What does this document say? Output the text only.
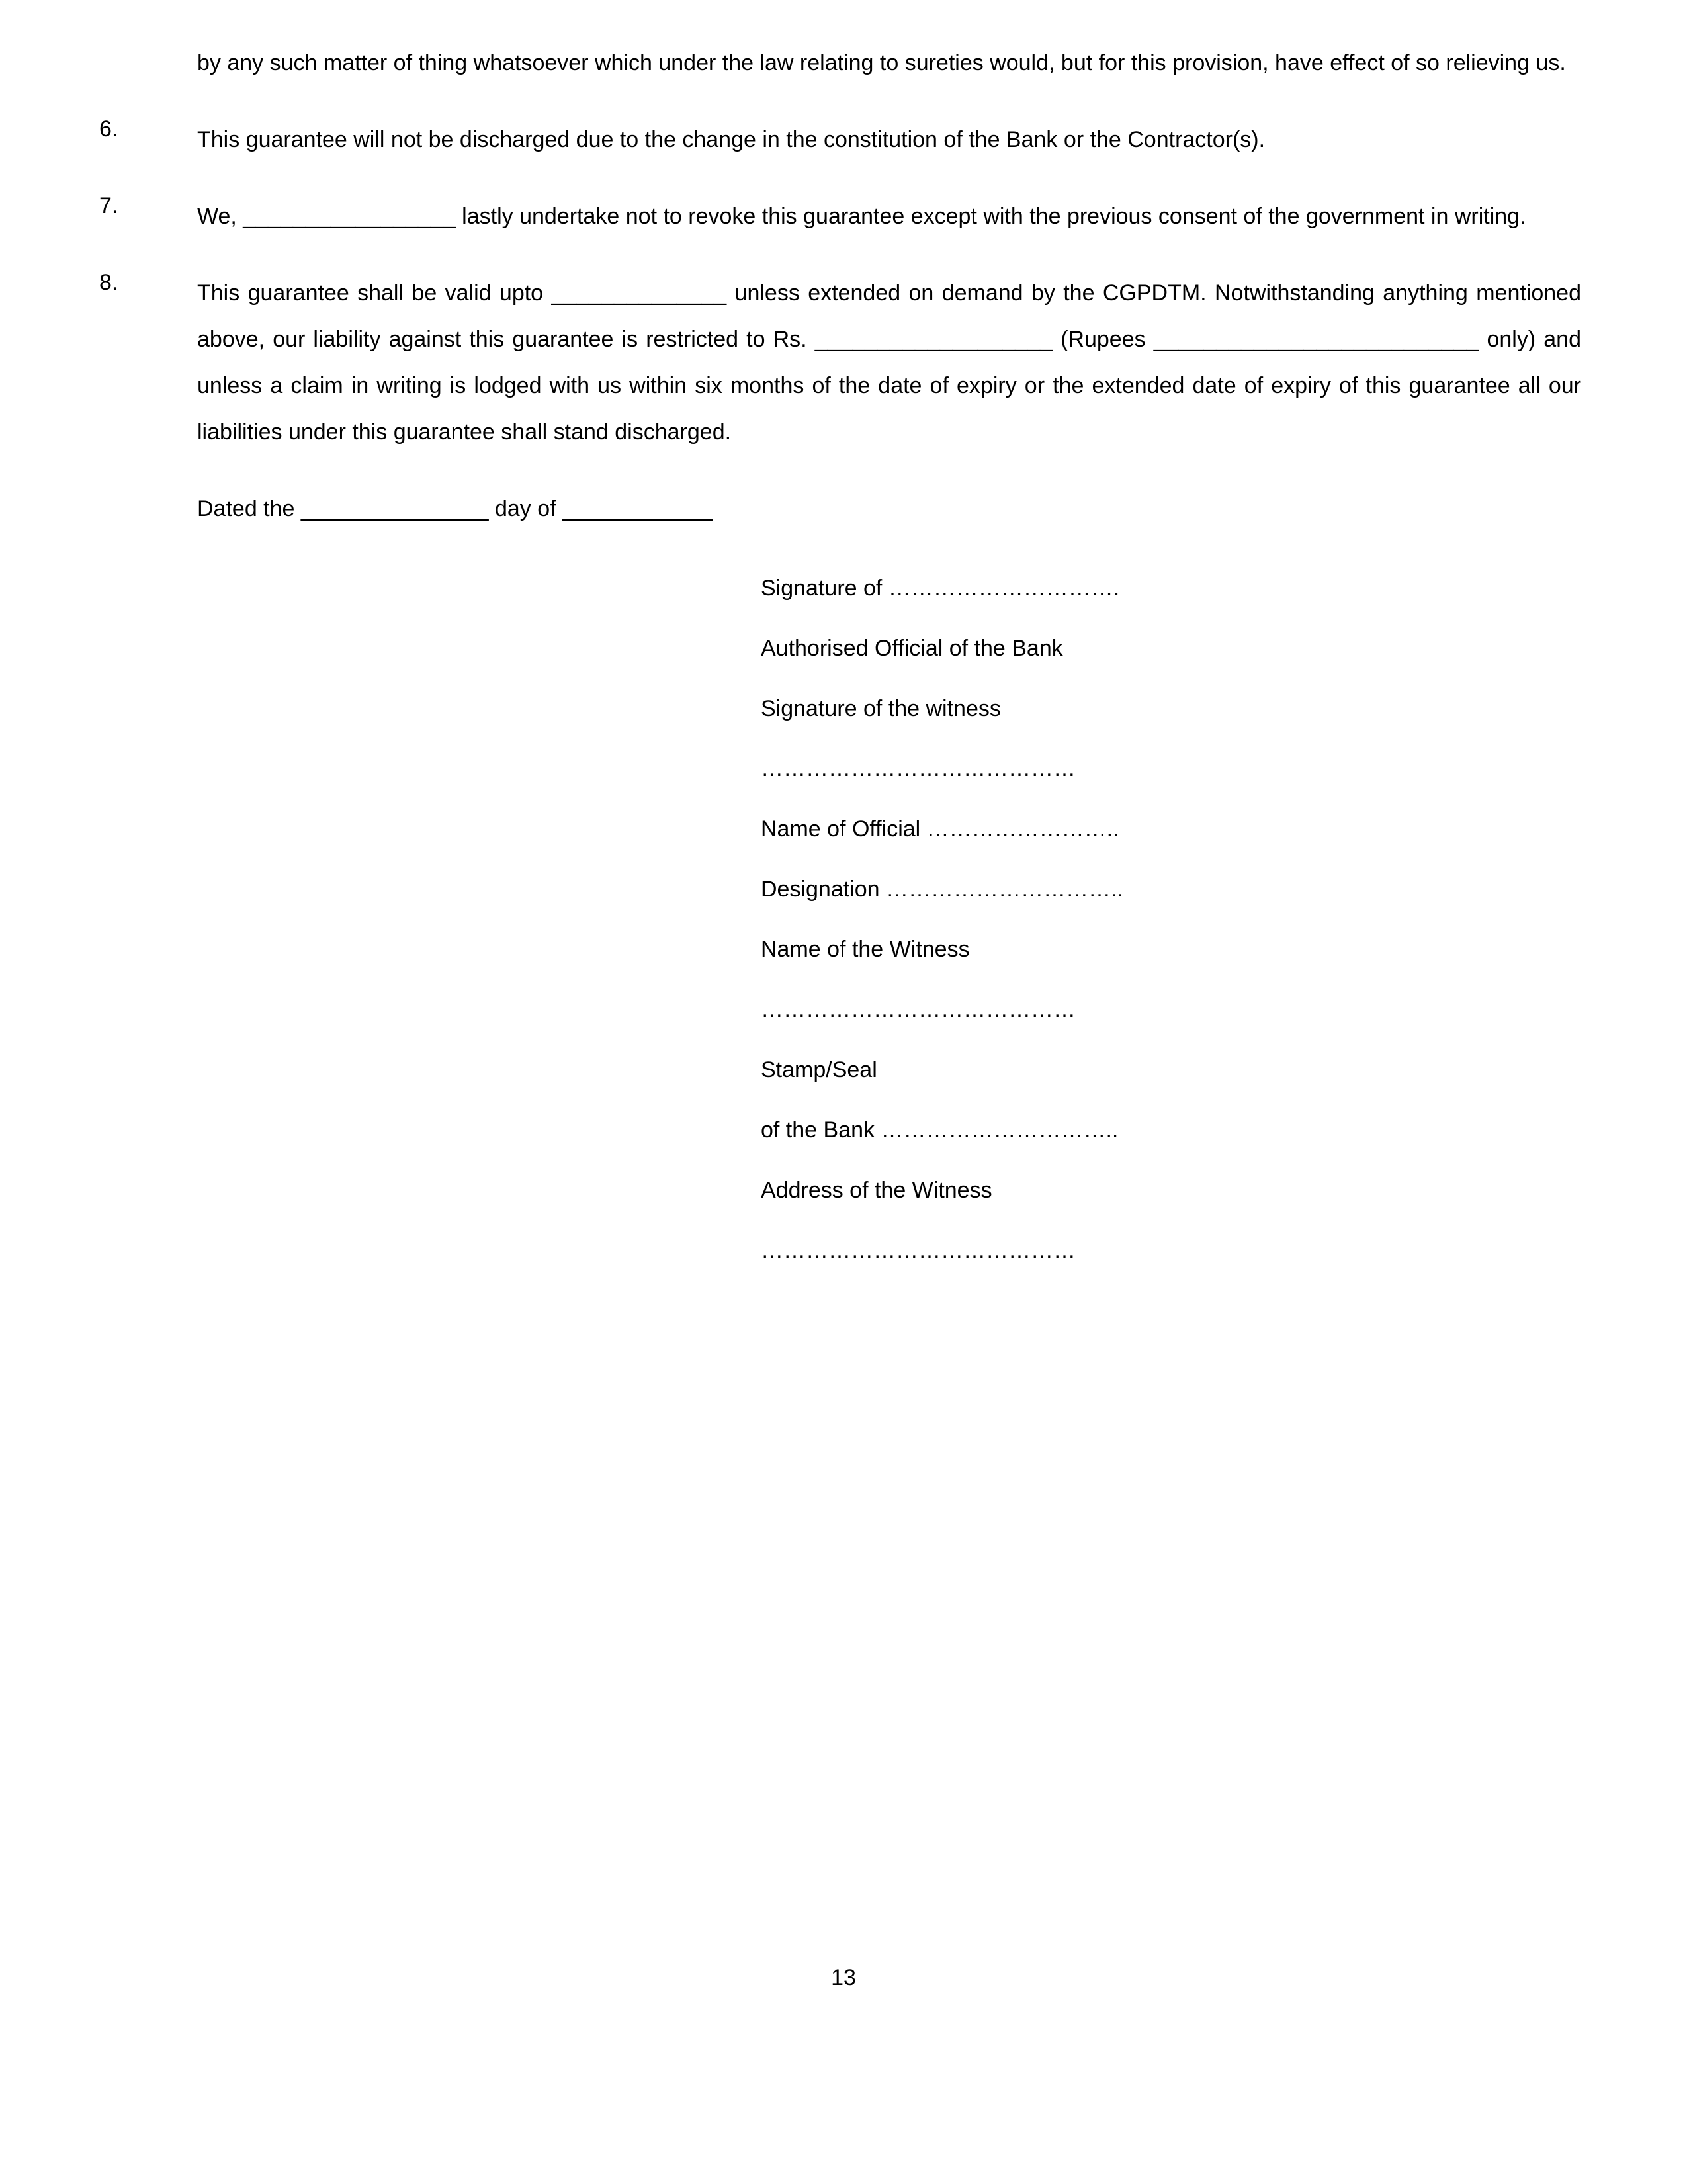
by any such matter of thing whatsoever which under the law relating to sureties would, but for this provision, have effect of so relieving us.
6.	This guarantee will not be discharged due to the change in the constitution of the Bank or the Contractor(s).
7.	We, _________________ lastly undertake not to revoke this guarantee except with the previous consent of the government in writing.
8.	This guarantee shall be valid upto ______________ unless extended on demand by the CGPDTM. Notwithstanding anything mentioned above, our liability against this guarantee is restricted to Rs. ___________________ (Rupees __________________________ only) and unless a claim in writing is lodged with us within six months of the date of expiry or the extended date of expiry of this guarantee all our liabilities under this guarantee shall stand discharged.
Dated the _______________ day of ____________
Signature of ………………………….
Authorised Official of the Bank
Signature of the witness
……………………………………
Name of Official ……………………..
Designation …………………………..
Name of the Witness
……………………………………
Stamp/Seal
of the Bank …………………………..
Address of the Witness
……………………………………
13
